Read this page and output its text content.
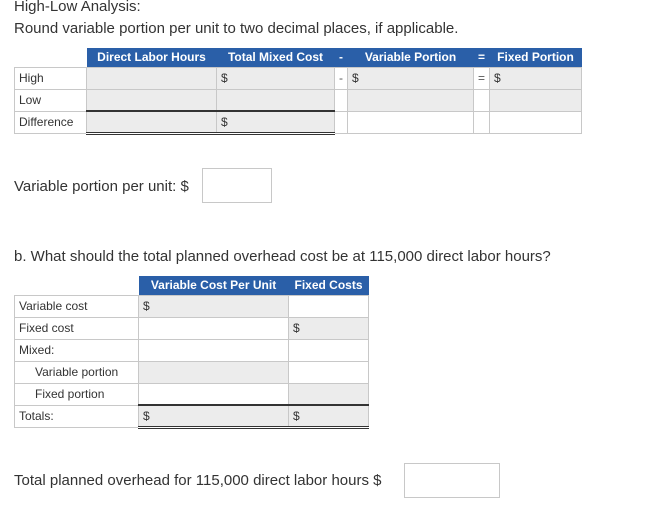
High-Low Analysis:
Round variable portion per unit to two decimal places, if applicable.
	Direct Labor Hours	Total Mixed Cost	-	Variable Portion	=	Fixed Portion
High		$	-	$	=	$
Low						
Difference		$				
Variable portion per unit: $
b. What should the total planned overhead cost be at 115,000 direct labor hours?
	Variable Cost Per Unit	Fixed Costs
Variable cost	$	
Fixed cost		$
Mixed:		
Variable portion		
Fixed portion		
Totals:	$	$
Total planned overhead for 115,000 direct labor hours $
